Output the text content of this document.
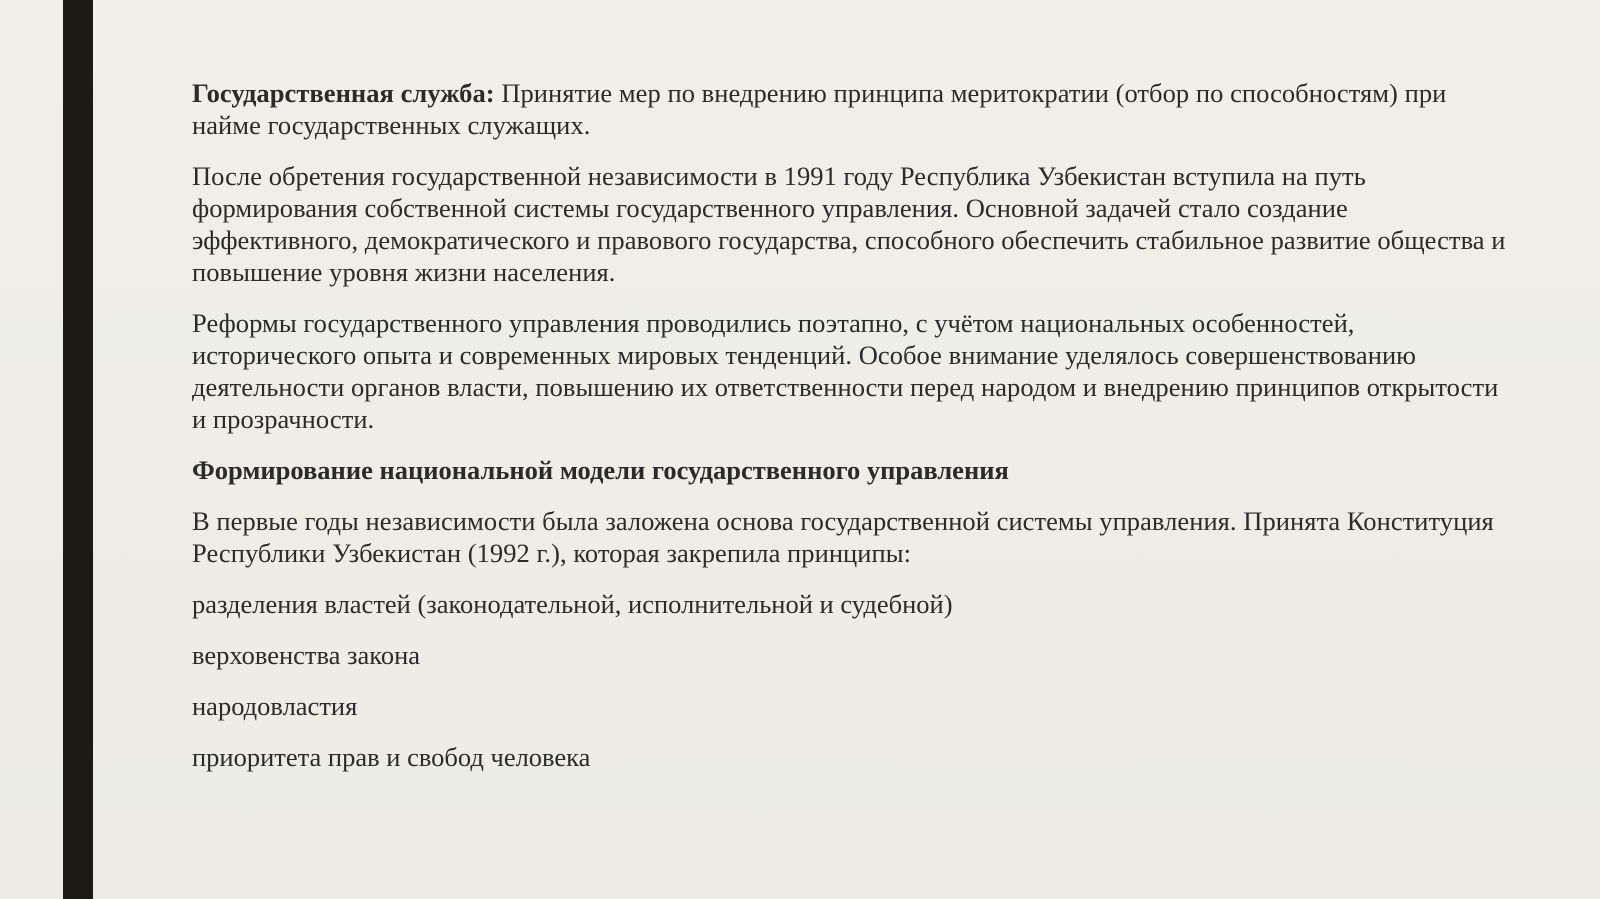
Государственная служба: Принятие мер по внедрению принципа меритократии (отбор по способностям) при найме государственных служащих.

После обретения государственной независимости в 1991 году Республика Узбекистан вступила на путь формирования собственной системы государственного управления. Основной задачей стало создание эффективного, демократического и правового государства, способного обеспечить стабильное развитие общества и повышение уровня жизни населения.

Реформы государственного управления проводились поэтапно, с учётом национальных особенностей, исторического опыта и современных мировых тенденций. Особое внимание уделялось совершенствованию деятельности органов власти, повышению их ответственности перед народом и внедрению принципов открытости и прозрачности.

Формирование национальной модели государственного управления

В первые годы независимости была заложена основа государственной системы управления. Принята Конституция Республики Узбекистан (1992 г.), которая закрепила принципы:

разделения властей (законодательной, исполнительной и судебной)

верховенства закона

народовластия

приоритета прав и свобод человека
